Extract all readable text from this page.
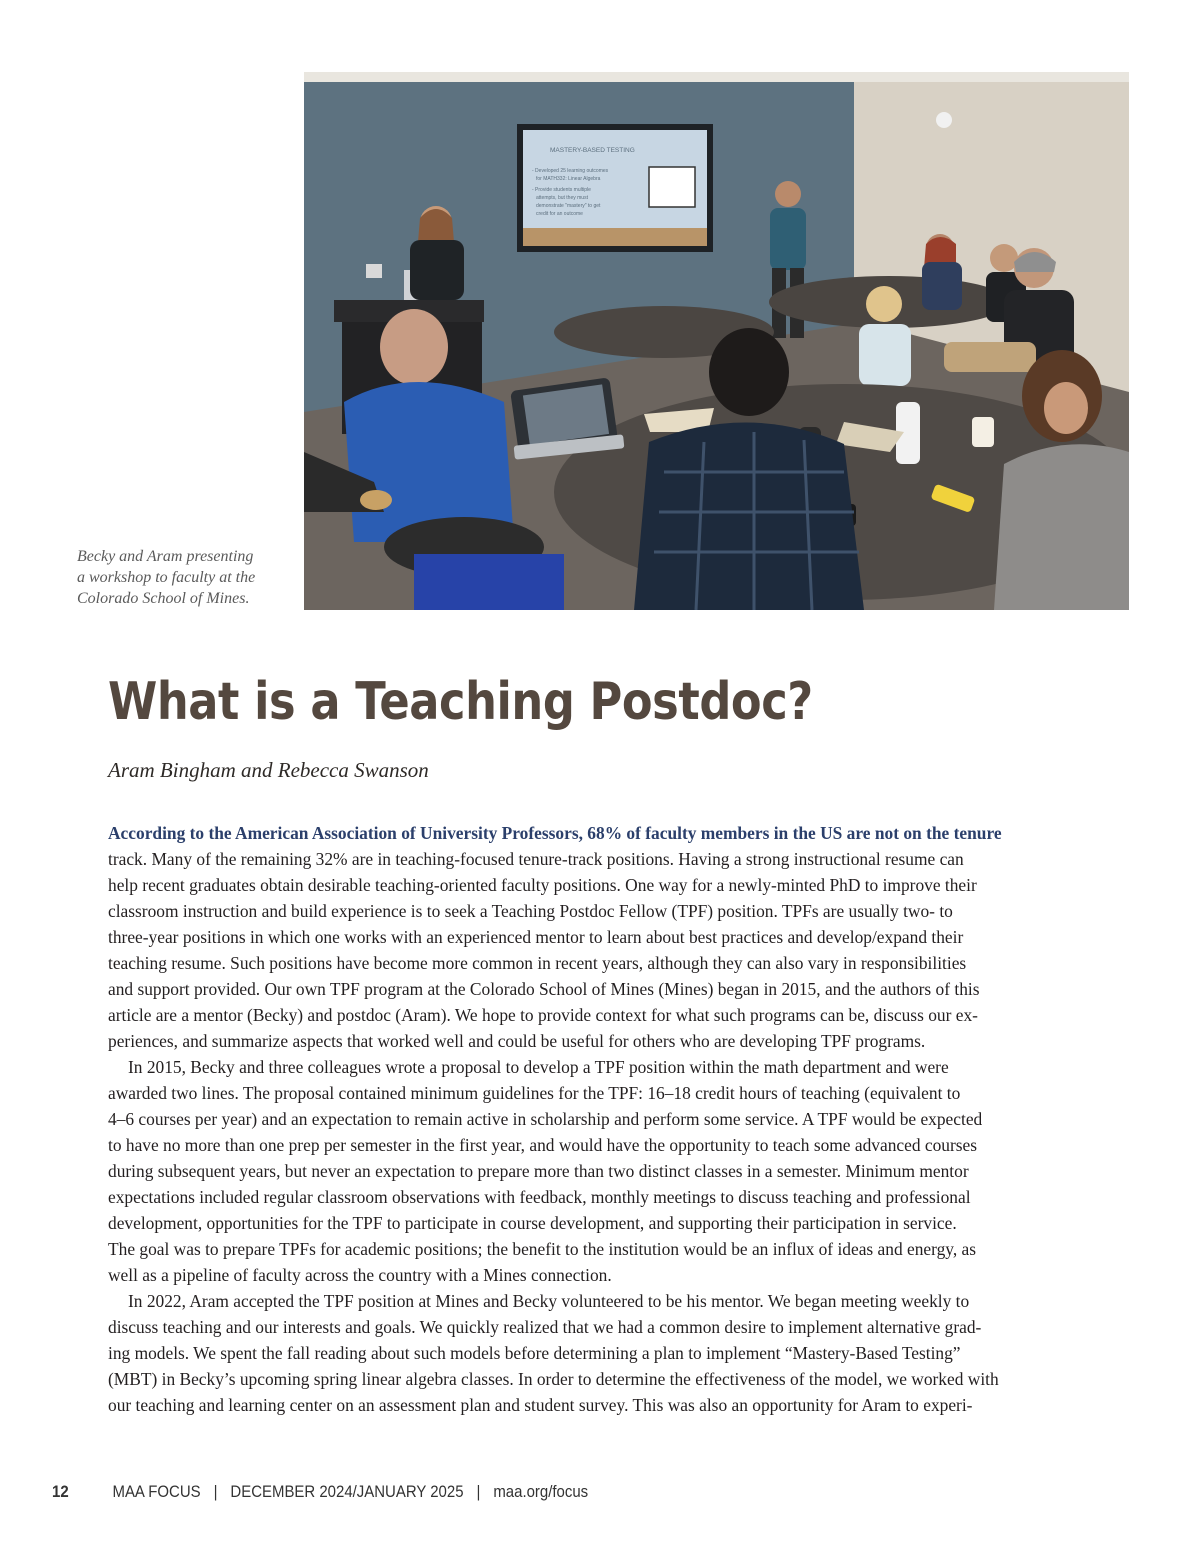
MASTERY-BASED TESTING
- Developed 25 learning outcomes
for MATH332: Linear Algebra
- Provide students multiple
attempts, but they must
demonstrate "mastery" to get
credit for an outcome
Becky and Aram presenting
a workshop to faculty at the
Colorado School of Mines.
What is a Teaching Postdoc?
Aram Bingham and Rebecca Swanson
According to the American Association of University Professors, 68% of faculty members in the US are not on the tenure
track. Many of the remaining 32% are in teaching-focused tenure-track positions. Having a strong instructional resume can
help recent graduates obtain desirable teaching-oriented faculty positions. One way for a newly-minted PhD to improve their
classroom instruction and build experience is to seek a Teaching Postdoc Fellow (TPF) position. TPFs are usually two- to
three-year positions in which one works with an experienced mentor to learn about best practices and develop/expand their
teaching resume. Such positions have become more common in recent years, although they can also vary in responsibilities
and support provided. Our own TPF program at the Colorado School of Mines (Mines) began in 2015, and the authors of this
article are a mentor (Becky) and postdoc (Aram). We hope to provide context for what such programs can be, discuss our ex-
periences, and summarize aspects that worked well and could be useful for others who are developing TPF programs.
In 2015, Becky and three colleagues wrote a proposal to develop a TPF position within the math department and were
awarded two lines. The proposal contained minimum guidelines for the TPF: 16–18 credit hours of teaching (equivalent to
4–6 courses per year) and an expectation to remain active in scholarship and perform some service. A TPF would be expected
to have no more than one prep per semester in the first year, and would have the opportunity to teach some advanced courses
during subsequent years, but never an expectation to prepare more than two distinct classes in a semester. Minimum mentor
expectations included regular classroom observations with feedback, monthly meetings to discuss teaching and professional
development, opportunities for the TPF to participate in course development, and supporting their participation in service.
The goal was to prepare TPFs for academic positions; the benefit to the institution would be an influx of ideas and energy, as
well as a pipeline of faculty across the country with a Mines connection.
In 2022, Aram accepted the TPF position at Mines and Becky volunteered to be his mentor. We began meeting weekly to
discuss teaching and our interests and goals. We quickly realized that we had a common desire to implement alternative grad-
ing models. We spent the fall reading about such models before determining a plan to implement “Mastery-Based Testing”
(MBT) in Becky’s upcoming spring linear algebra classes. In order to determine the effectiveness of the model, we worked with
our teaching and learning center on an assessment plan and student survey. This was also an opportunity for Aram to experi-
12	MAA FOCUS | DECEMBER 2024/JANUARY 2025 | maa.org/focus
